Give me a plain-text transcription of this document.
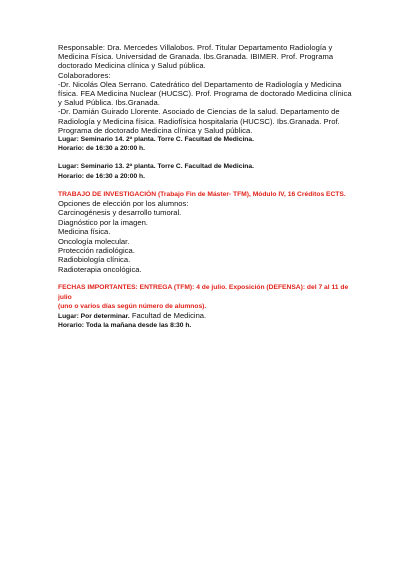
Responsable: Dra. Mercedes Villalobos. Prof. Titular Departamento Radiología y

Medicina Física. Universidad de Granada. Ibs.Granada. IBIMER. Prof. Programa

doctorado Medicina clínica y Salud pública.

Colaboradores:

-Dr. Nicolás Olea Serrano. Catedrático del Departamento de Radiología y Medicina

física. FEA Medicina Nuclear (HUCSC). Prof. Programa de doctorado Medicina clínica

y Salud Pública. Ibs.Granada.

-Dr. Damián Guirado Llorente. Asociado de Ciencias de la salud. Departamento de

Radiología y Medicina física. Radiofísica hospitalaria (HUCSC). Ibs.Granada. Prof.

Programa de doctorado Medicina clínica y Salud pública.

Lugar: Seminario 14. 2ª planta. Torre C. Facultad de Medicina.

Horario: de 16:30 a 20:00 h.

Lugar: Seminario 13. 2ª planta. Torre C. Facultad de Medicina.

Horario: de 16:30 a 20:00 h.

TRABAJO DE INVESTIGACIÓN (Trabajo Fin de Máster- TFM), Módulo IV, 16 Créditos ECTS.

Opciones de elección por los alumnos:

Carcinogénesis y desarrollo tumoral.

Diagnóstico por la imagen.

Medicina física.

Oncología molecular.

Protección radiológica.

Radiobiología clínica.

Radioterapia oncológica.

FECHAS IMPORTANTES: ENTREGA (TFM): 4 de julio. Exposición (DEFENSA): del 7 al 11 de julio

(uno o varios días según número de alumnos).

Lugar: Por determinar. Facultad de Medicina.

Horario: Toda la mañana desde las 8:30 h.
